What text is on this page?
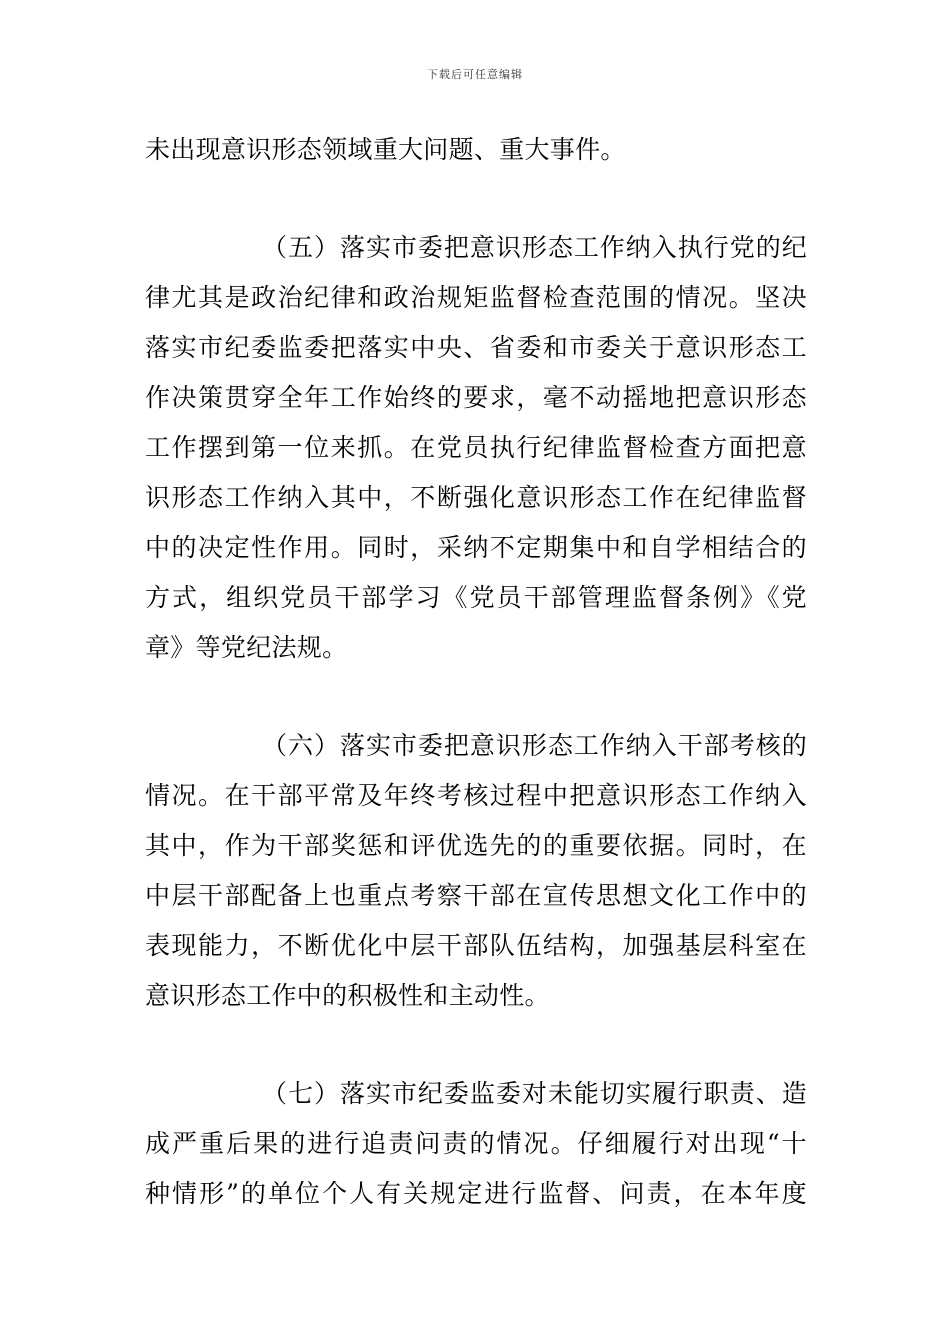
下载后可任意编辑
未出现意识形态领域重大问题、重大事件。
（五）落实市委把意识形态工作纳入执行党的纪
律尤其是政治纪律和政治规矩监督检查范围的情况。坚决
落实市纪委监委把落实中央、省委和市委关于意识形态工
作决策贯穿全年工作始终的要求，毫不动摇地把意识形态
工作摆到第一位来抓。在党员执行纪律监督检查方面把意
识形态工作纳入其中，不断强化意识形态工作在纪律监督
中的决定性作用。同时，采纳不定期集中和自学相结合的
方式，组织党员干部学习《党员干部管理监督条例》《党
章》等党纪法规。
（六）落实市委把意识形态工作纳入干部考核的
情况。在干部平常及年终考核过程中把意识形态工作纳入
其中，作为干部奖惩和评优选先的的重要依据。同时，在
中层干部配备上也重点考察干部在宣传思想文化工作中的
表现能力，不断优化中层干部队伍结构，加强基层科室在
意识形态工作中的积极性和主动性。
（七）落实市纪委监委对未能切实履行职责、造
成严重后果的进行追责问责的情况。仔细履行对出现“十
种情形”的单位个人有关规定进行监督、问责，在本年度
